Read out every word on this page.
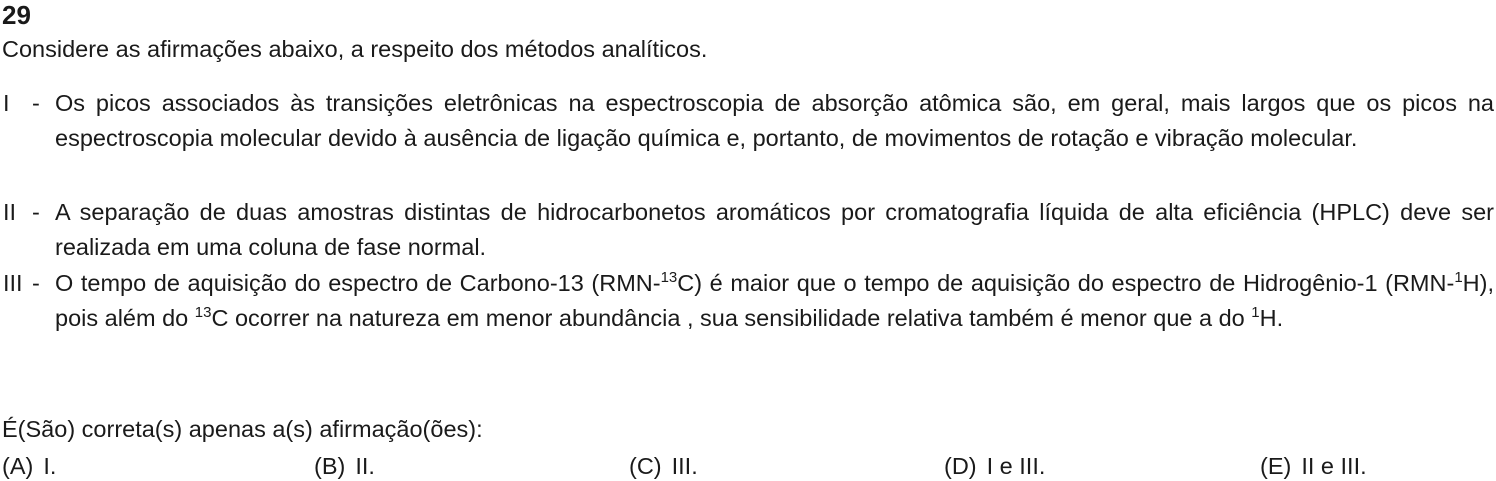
29
Considere as afirmações abaixo, a respeito dos métodos analíticos.
I - Os picos associados às transições eletrônicas na espectroscopia de absorção atômica são, em geral, mais largos que os picos na espectroscopia molecular devido à ausência de ligação química e, portanto, de movimentos de rotação e vibração molecular.
II - A separação de duas amostras distintas de hidrocarbonetos aromáticos por cromatografia líquida de alta eficiência (HPLC) deve ser realizada em uma coluna de fase normal.
III - O tempo de aquisição do espectro de Carbono-13 (RMN-$^{13}$C) é maior que o tempo de aquisição do espectro de Hidrogênio-1 (RMN-$^1$H), pois além do $^{13}$C ocorrer na natureza em menor abundância , sua sensibilidade relativa também é menor que a do $^1$H.
É(São) correta(s) apenas a(s) afirmação(ões):
(A) I.	(B) II.	(C) III.	(D) I e III.	(E) II e III.
